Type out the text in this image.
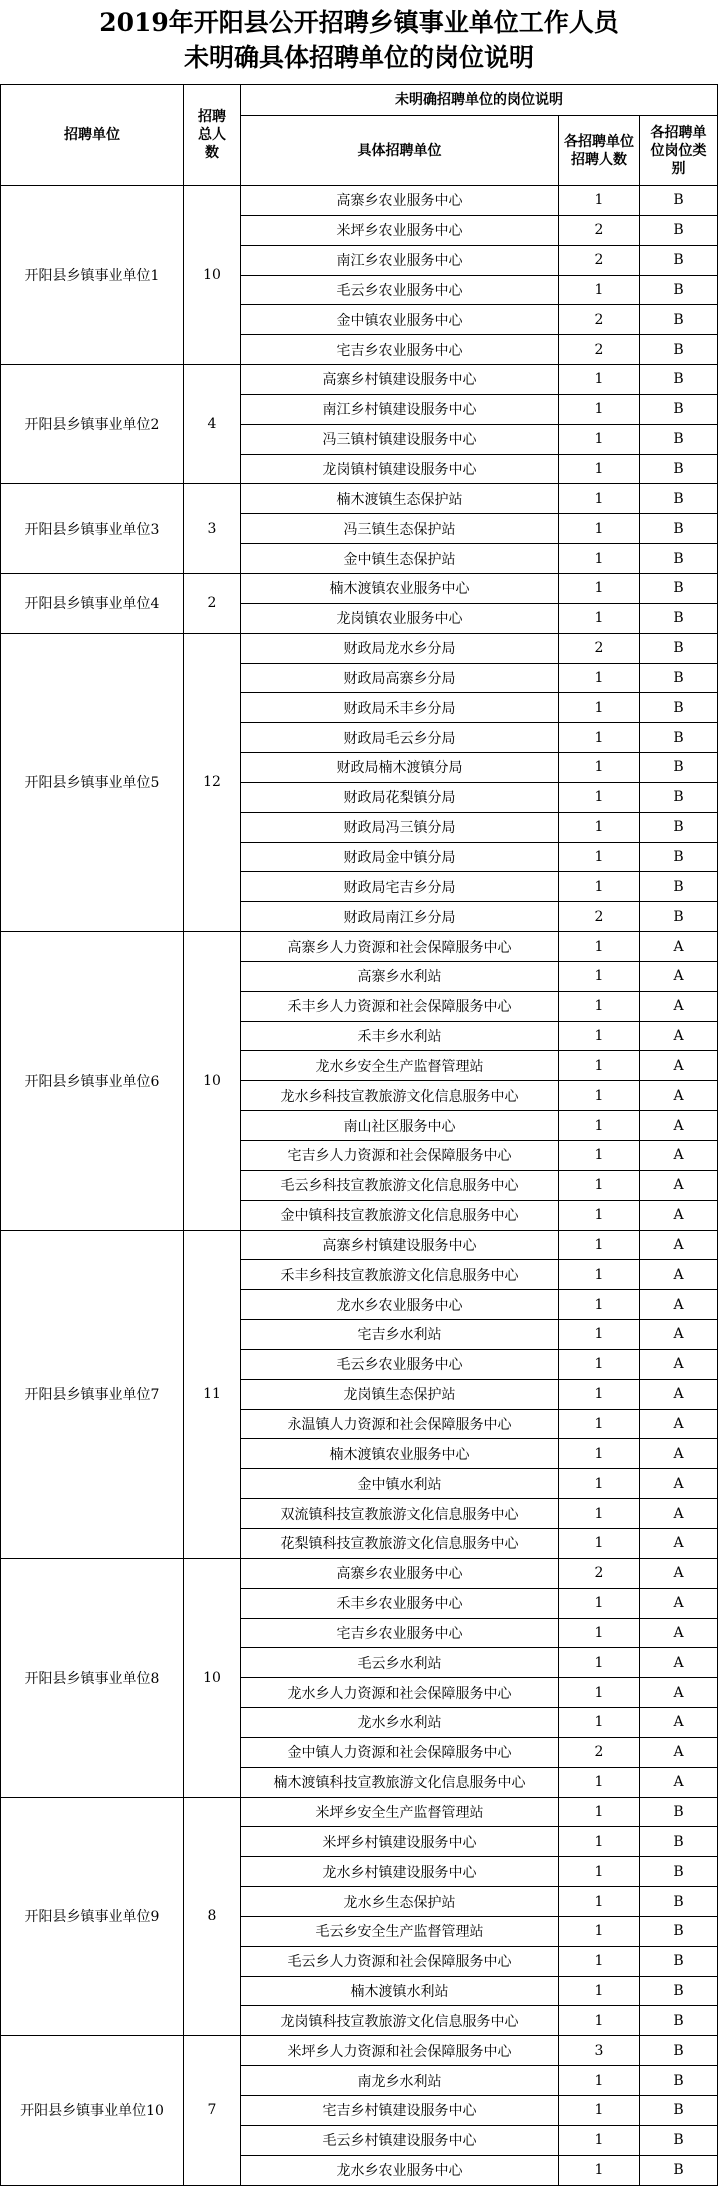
2019年开阳县公开招聘乡镇事业单位工作人员
未明确具体招聘单位的岗位说明
招聘单位	招聘总人数	未明确招聘单位的岗位说明		
		具体招聘单位	各招聘单位招聘人数	各招聘单位岗位类别
开阳县乡镇事业单位1	10	高寨乡农业服务中心	1	B
		米坪乡农业服务中心	2	B
		南江乡农业服务中心	2	B
		毛云乡农业服务中心	1	B
		金中镇农业服务中心	2	B
		宅吉乡农业服务中心	2	B
开阳县乡镇事业单位2	4	高寨乡村镇建设服务中心	1	B
		南江乡村镇建设服务中心	1	B
		冯三镇村镇建设服务中心	1	B
		龙岗镇村镇建设服务中心	1	B
开阳县乡镇事业单位3	3	楠木渡镇生态保护站	1	B
		冯三镇生态保护站	1	B
		金中镇生态保护站	1	B
开阳县乡镇事业单位4	2	楠木渡镇农业服务中心	1	B
		龙岗镇农业服务中心	1	B
开阳县乡镇事业单位5	12	财政局龙水乡分局	2	B
		财政局高寨乡分局	1	B
		财政局禾丰乡分局	1	B
		财政局毛云乡分局	1	B
		财政局楠木渡镇分局	1	B
		财政局花梨镇分局	1	B
		财政局冯三镇分局	1	B
		财政局金中镇分局	1	B
		财政局宅吉乡分局	1	B
		财政局南江乡分局	2	B
开阳县乡镇事业单位6	10	高寨乡人力资源和社会保障服务中心	1	A
		高寨乡水利站	1	A
		禾丰乡人力资源和社会保障服务中心	1	A
		禾丰乡水利站	1	A
		龙水乡安全生产监督管理站	1	A
		龙水乡科技宣教旅游文化信息服务中心	1	A
		南山社区服务中心	1	A
		宅吉乡人力资源和社会保障服务中心	1	A
		毛云乡科技宣教旅游文化信息服务中心	1	A
		金中镇科技宣教旅游文化信息服务中心	1	A
开阳县乡镇事业单位7	11	高寨乡村镇建设服务中心	1	A
		禾丰乡科技宣教旅游文化信息服务中心	1	A
		龙水乡农业服务中心	1	A
		宅吉乡水利站	1	A
		毛云乡农业服务中心	1	A
		龙岗镇生态保护站	1	A
		永温镇人力资源和社会保障服务中心	1	A
		楠木渡镇农业服务中心	1	A
		金中镇水利站	1	A
		双流镇科技宣教旅游文化信息服务中心	1	A
		花梨镇科技宣教旅游文化信息服务中心	1	A
开阳县乡镇事业单位8	10	高寨乡农业服务中心	2	A
		禾丰乡农业服务中心	1	A
		宅吉乡农业服务中心	1	A
		毛云乡水利站	1	A
		龙水乡人力资源和社会保障服务中心	1	A
		龙水乡水利站	1	A
		金中镇人力资源和社会保障服务中心	2	A
		楠木渡镇科技宣教旅游文化信息服务中心	1	A
开阳县乡镇事业单位9	8	米坪乡安全生产监督管理站	1	B
		米坪乡村镇建设服务中心	1	B
		龙水乡村镇建设服务中心	1	B
		龙水乡生态保护站	1	B
		毛云乡安全生产监督管理站	1	B
		毛云乡人力资源和社会保障服务中心	1	B
		楠木渡镇水利站	1	B
		龙岗镇科技宣教旅游文化信息服务中心	1	B
开阳县乡镇事业单位10	7	米坪乡人力资源和社会保障服务中心	3	B
		南龙乡水利站	1	B
		宅吉乡村镇建设服务中心	1	B
		毛云乡村镇建设服务中心	1	B
		龙水乡农业服务中心	1	B
